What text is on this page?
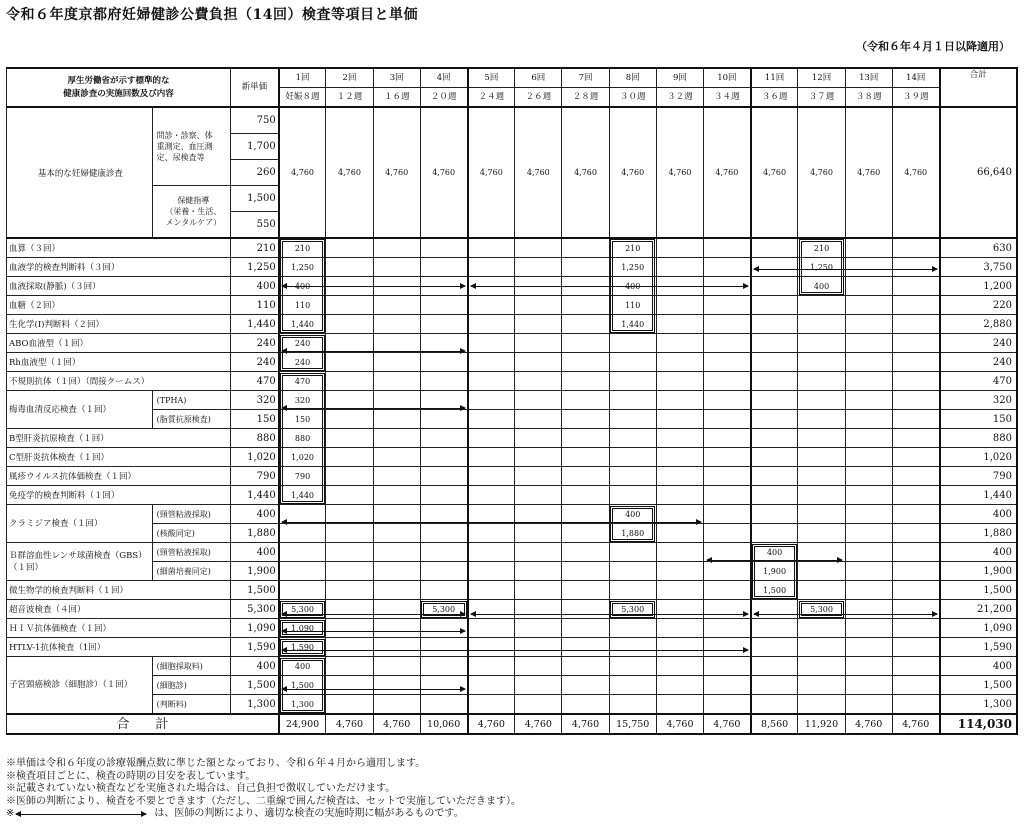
令和６年度京都府妊婦健診公費負担（14回）検査等項目と単価
（令和６年４月１日以降適用）
厚生労働省が示す標準的な
健康診査の実施回数及び内容		新単価	1回	2回	3回	4回	5回	6回	7回	8回	9回	10回	11回	12回	13回	14回	合計
			妊娠８週	１２週	１６週	２０週	２４週	２６週	２８週	３０週	３２週	３４週	３６週	３７週	３８週	３９週	
基本的な妊婦健康診査	問診・診察、体
重測定、血圧測
定、尿検査等	750	4,760	4,760	4,760	4,760	4,760	4,760	4,760	4,760	4,760	4,760	4,760	4,760	4,760	4,760	66,640
		1,700															
		260															
	保健指導
（栄養・生活、
メンタルケア）	1,500															
		550															
血算（３回）		210	210							210				210			630
血液学的検査判断料（３回）		1,250	1,250							1,250				1,250			3,750
血液採取(静脈)（３回）		400	400							400				400			1,200
血糖（２回）		110	110							110							220
生化学(Ⅰ)判断料（２回）		1,440	1,440							1,440							2,880
ABO血液型（１回）		240	240														240
Rh血液型（１回）		240	240														240
不規則抗体（１回）（間接クームス）		470	470														470
梅毒血清反応検査（１回）	(TPHA)	320	320														320
	(脂質抗原検査)	150	150														150
B型肝炎抗原検査（１回）		880	880														880
C型肝炎抗体検査（１回）		1,020	1,020														1,020
風疹ウイルス抗体価検査（１回）		790	790														790
免疫学的検査判断料（１回）		1,440	1,440														1,440
クラミジア検査（１回）	(頸管粘液採取)	400								400							400
	(核酸同定)	1,880								1,880							1,880
Ｂ群溶血性レンサ球菌検査（GBS）
（１回）	(頸管粘液採取)	400											400				400
	(細菌培養同定)	1,900											1,900				1,900
微生物学的検査判断料（１回）		1,500											1,500				1,500
超音波検査（４回）		5,300	5,300			5,300				5,300				5,300			21,200
ＨＩＶ抗体価検査（１回）		1,090	1,090														1,090
HTLV-1抗体検査（1回）		1,590	1,590														1,590
子宮頸癌検診（細胞診）（１回）	(細胞採取料)	400	400														400
	(細胞診)	1,500	1,500														1,500
	(判断料)	1,300	1,300														1,300
合　　計			24,900	4,760	4,760	10,060	4,760	4,760	4,760	15,750	4,760	4,760	8,560	11,920	4,760	4,760	114,030
※単価は令和６年度の診療報酬点数に準じた額となっており、令和６年４月から適用します。
※検査項目ごとに、検査の時期の目安を表しています。
※記載されていない検査などを実施された場合は、自己負担で徴収していただけます。
※医師の判断により、検査を不要とできます（ただし、二重線で囲んだ検査は、セットで実施していただきます）。
※	は、医師の判断により、適切な検査の実施時期に幅があるものです。
